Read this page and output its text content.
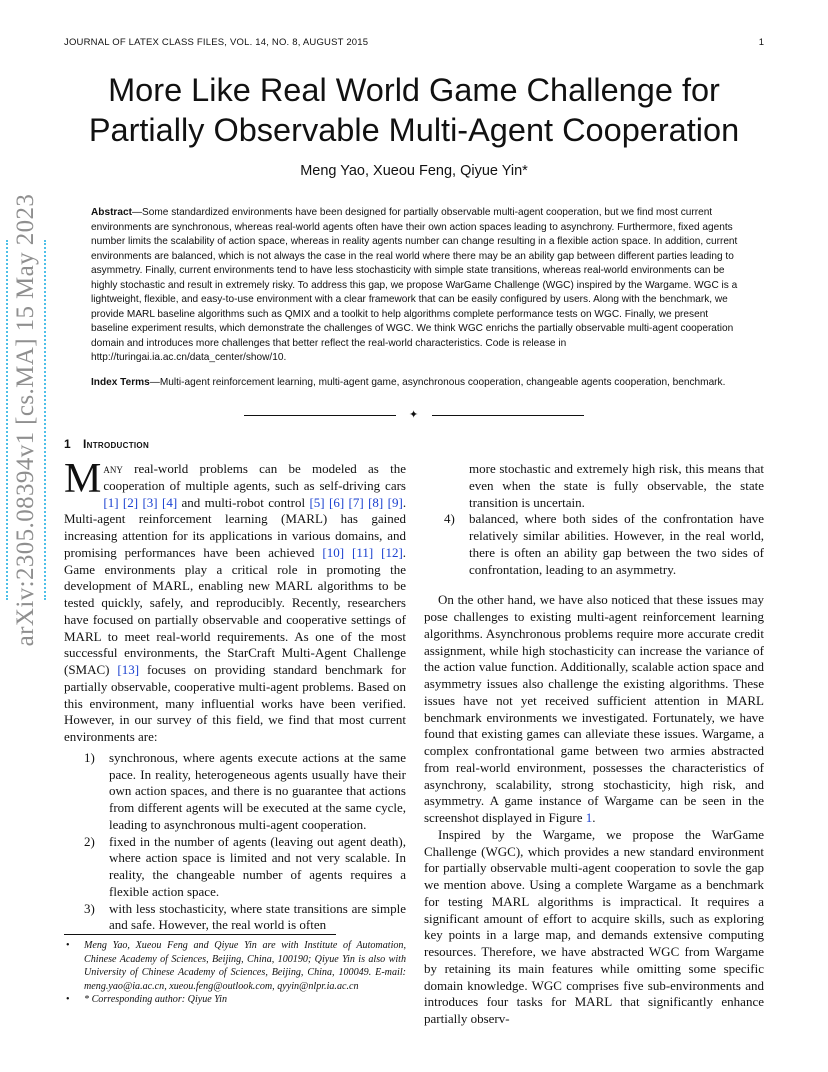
JOURNAL OF LATEX CLASS FILES, VOL. 14, NO. 8, AUGUST 2015	1
More Like Real World Game Challenge for
Partially Observable Multi-Agent Cooperation
Meng Yao, Xueou Feng, Qiyue Yin*

Abstract—Some standardized environments have been designed for partially observable multi-agent cooperation, but we find most current environments are synchronous, whereas real-world agents often have their own action spaces leading to asynchrony. Furthermore, fixed agents number limits the scalability of action space, whereas in reality agents number can change resulting in a flexible action space. In addition, current environments are balanced, which is not always the case in the real world where there may be an ability gap between different parties leading to asymmetry. Finally, current environments tend to have less stochasticity with simple state transitions, whereas real-world environments can be highly stochastic and result in extremely risky. To address this gap, we propose WarGame Challenge (WGC) inspired by the Wargame. WGC is a lightweight, flexible, and easy-to-use environment with a clear framework that can be easily configured by users. Along with the benchmark, we provide MARL baseline algorithms such as QMIX and a toolkit to help algorithms complete performance tests on WGC. Finally, we present baseline experiment results, which demonstrate the challenges of WGC. We think WGC enrichs the partially observable multi-agent cooperation domain and introduces more challenges that better reflect the real-world characteristics. Code is release in http://turingai.ia.ac.cn/data_center/show/10.

Index Terms—Multi-agent reinforcement learning, multi-agent game, asynchronous cooperation, changeable agents cooperation, benchmark.

✦
arXiv:2305.08394v1 [cs.MA] 15 May 2023 1 Introduction

Many real-world problems can be modeled as the cooperation of multiple agents, such as self-driving cars [1] [2] [3] [4] and multi-robot control [5] [6] [7] [8] [9]. Multi-agent reinforcement learning (MARL) has gained increasing attention for its applications in various domains, and promising performances have been achieved [10] [11] [12]. Game environments play a critical role in promoting the development of MARL, enabling new MARL algorithms to be tested quickly, safely, and reproducibly. Recently, researchers have focused on partially observable and cooperative settings of MARL to meet real-world requirements. As one of the most successful environments, the StarCraft Multi-Agent Challenge (SMAC) [13] focuses on providing standard benchmark for partially observable, cooperative multi-agent problems. Based on this environment, many influential works have been verified. However, in our survey of this field, we find that most current environments are:

1) synchronous, where agents execute actions at the same pace. In reality, heterogeneous agents usually have their own action spaces, and there is no guarantee that actions from different agents will be executed at the same cycle, leading to asynchronous multi-agent cooperation.
2) fixed in the number of agents (leaving out agent death), where action space is limited and not very scalable. In reality, the changeable number of agents requires a flexible action space.
3) with less stochasticity, where state transitions are simple and safe. However, the real world is often
more stochastic and extremely high risk, this means that even when the state is fully observable, the state transition is uncertain.
4) balanced, where both sides of the confrontation have relatively similar abilities. However, in the real world, there is often an ability gap between the two sides of confrontation, leading to an asymmetry.

On the other hand, we have also noticed that these issues may pose challenges to existing multi-agent reinforcement learning algorithms. Asynchronous problems require more accurate credit assignment, while high stochasticity can increase the variance of the action value function. Additionally, scalable action space and asymmetry issues also challenge the existing algorithms. These issues have not yet received sufficient attention in MARL benchmark environments we investigated. Fortunately, we have found that existing games can alleviate these issues. Wargame, a complex confrontational game between two armies abstracted from real-world environment, possesses the characteristics of asynchrony, scalability, strong stochasticity, high risk, and asymmetry. A game instance of Wargame can be seen in the screenshot displayed in Figure 1.

Inspired by the Wargame, we propose the WarGame Challenge (WGC), which provides a new standard environment for partially observable multi-agent cooperation to sovle the gap we mention above. Using a complete Wargame as a benchmark for testing MARL algorithms is impractical. It requires a significant amount of effort to acquire skills, such as exploring key points in a large map, and demands extensive computing resources. Therefore, we have abstracted WGC from Wargame by retaining its main features while omitting some specific domain knowledge. WGC comprises five sub-environments and introduces four tasks for MARL that significantly enhance partially observ-

• Meng Yao, Xueou Feng and Qiyue Yin are with Institute of Automation, Chinese Academy of Sciences, Beijing, China, 100190; Qiyue Yin is also with University of Chinese Academy of Sciences, Beijing, China, 100049. E-mail: meng.yao@ia.ac.cn, xueou.feng@outlook.com, qyyin@nlpr.ia.ac.cn
• * Corresponding author: Qiyue Yin
